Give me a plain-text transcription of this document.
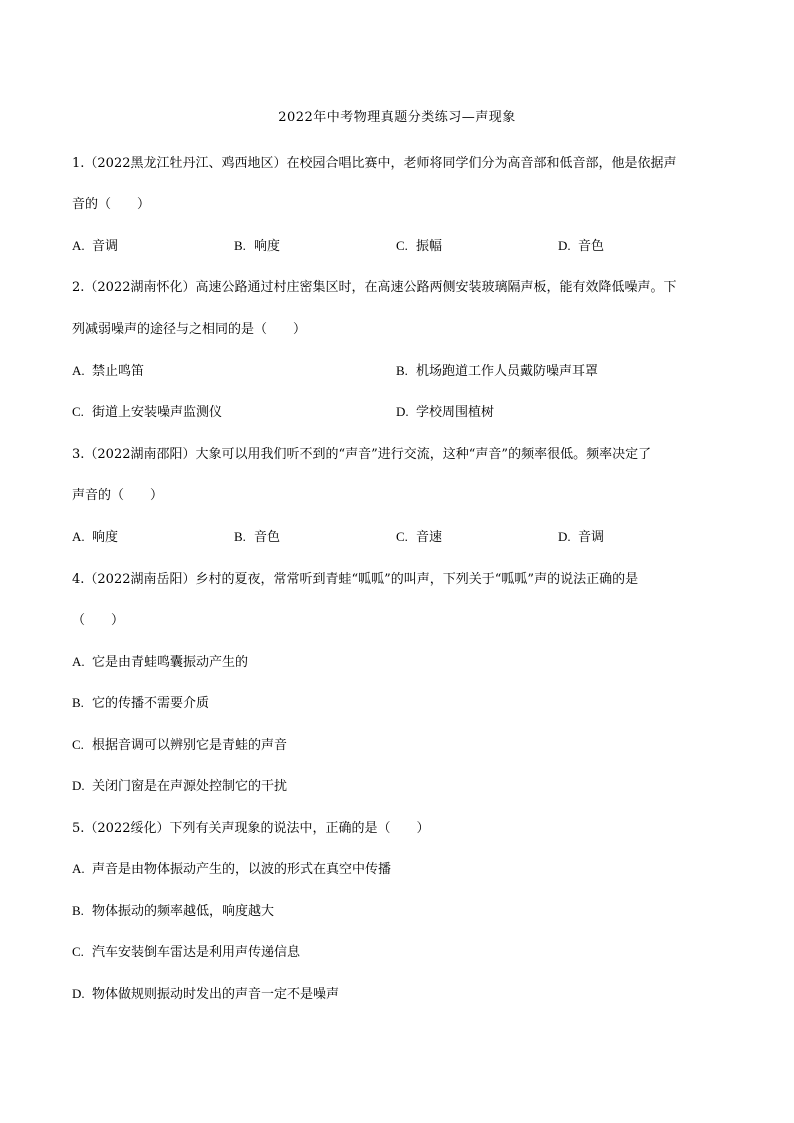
2022年中考物理真题分类练习—声现象
1.（2022黑龙江牡丹江、鸡西地区）在校园合唱比赛中，老师将同学们分为高音部和低音部，他是依据声
音的（　　）
A. 音调	B. 响度	C. 振幅	D. 音色
2.（2022湖南怀化）高速公路通过村庄密集区时，在高速公路两侧安装玻璃隔声板，能有效降低噪声。下
列减弱噪声的途径与之相同的是（　　）
A. 禁止鸣笛	B. 机场跑道工作人员戴防噪声耳罩
C. 街道上安装噪声监测仪	D. 学校周围植树
3.（2022湖南邵阳）大象可以用我们听不到的“声音”进行交流，这种“声音”的频率很低。频率决定了
声音的（　　）
A. 响度	B. 音色	C. 音速	D. 音调
4.（2022湖南岳阳）乡村的夏夜，常常听到青蛙“呱呱”的叫声，下列关于“呱呱”声的说法正确的是
（　　）
A. 它是由青蛙鸣囊振动产生的
B. 它的传播不需要介质
C. 根据音调可以辨别它是青蛙的声音
D. 关闭门窗是在声源处控制它的干扰
5.（2022绥化）下列有关声现象的说法中，正确的是（　　）
A. 声音是由物体振动产生的，以波的形式在真空中传播
B. 物体振动的频率越低，响度越大
C. 汽车安装倒车雷达是利用声传递信息
D. 物体做规则振动时发出的声音一定不是噪声
